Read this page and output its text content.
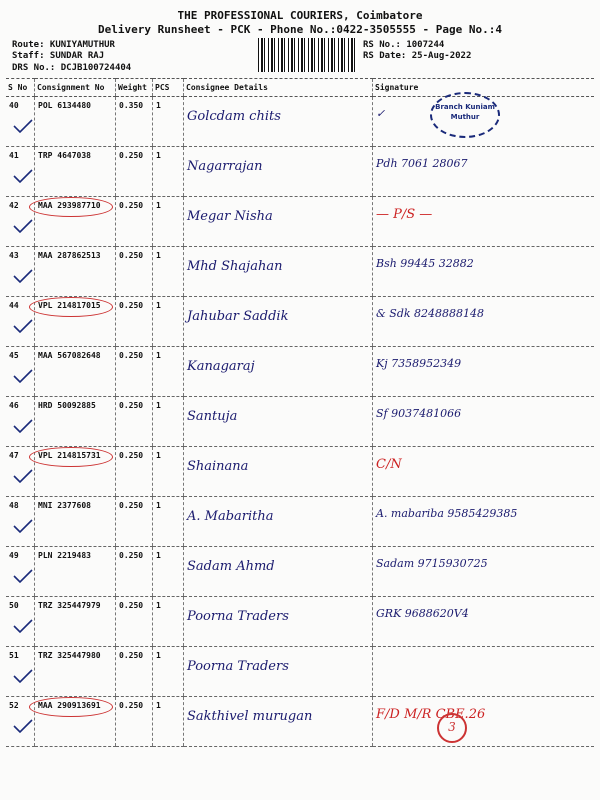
THE PROFESSIONAL COURIERS, Coimbatore
Delivery Runsheet - PCK - Phone No.:0422-3505555 - Page No.:4
Route: KUNIYAMUTHUR
Staff: SUNDAR RAJ
DRS No.: DCJB100724404
RS No.: 1007244
RS Date: 25-Aug-2022
S No	Consignment No	Weight	PCS	Consignee Details	Signature
40	POL 6134480	0.350	1	Golcdam chits	✓
41	TRP 4647038	0.250	1	Nagarrajan	Pdh 7061 28067
42	MAA 293987710	0.250	1	Megar Nisha	— P/S —
43	MAA 287862513	0.250	1	Mhd Shajahan	Bsh 99445 32882
44	VPL 214817015	0.250	1	Jahubar Saddik	& Sdk 8248888148
45	MAA 567082648	0.250	1	Kanagaraj	Kj 7358952349
46	HRD 50092885	0.250	1	Santuja	Sf 9037481066
47	VPL 214815731	0.250	1	Shainana	C/N
48	MNI 2377608	0.250	1	A. Mabaritha	A. mabariba 9585429385
49	PLN 2219483	0.250	1	Sadam Ahmd	Sadam 9715930725
50	TRZ 325447979	0.250	1	Poorna Traders	GRK 9688620V4
51	TRZ 325447980	0.250	1	Poorna Traders	
52	MAA 290913691	0.250	1	Sakthivel murugan	F/D M/R CBE.26
Branch Kuniam Muthur
3
